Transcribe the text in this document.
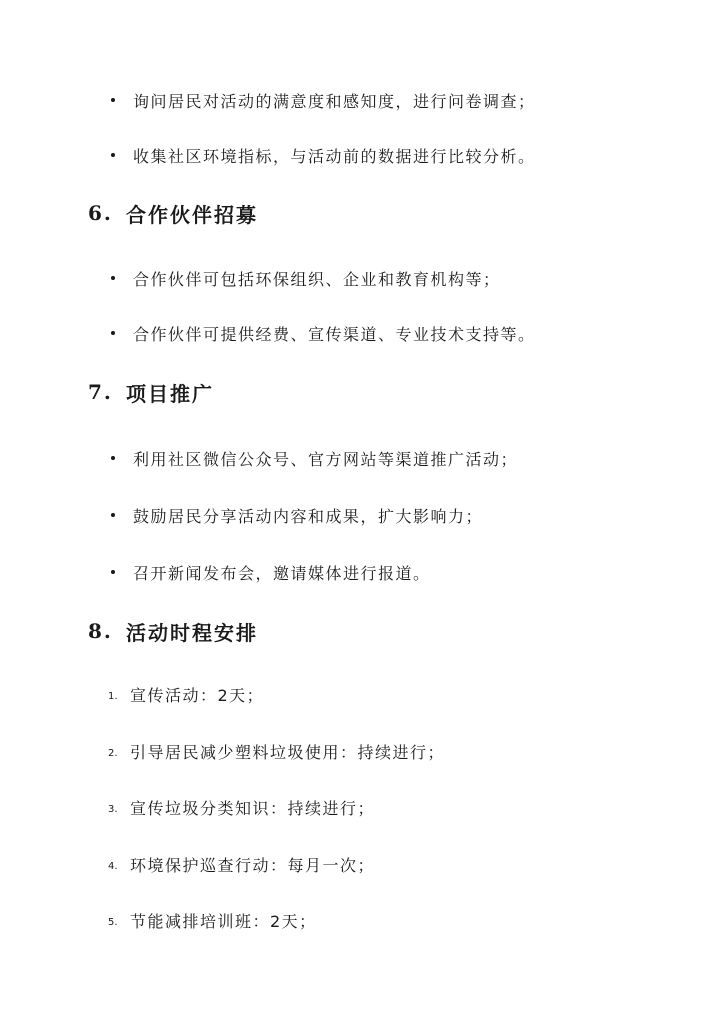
询问居民对活动的满意度和感知度，进行问卷调查；
收集社区环境指标，与活动前的数据进行比较分析。
6. 合作伙伴招募
合作伙伴可包括环保组织、企业和教育机构等；
合作伙伴可提供经费、宣传渠道、专业技术支持等。
7. 项目推广
利用社区微信公众号、官方网站等渠道推广活动；
鼓励居民分享活动内容和成果，扩大影响力；
召开新闻发布会，邀请媒体进行报道。
8. 活动时程安排
1. 宣传活动：2天；
2. 引导居民减少塑料垃圾使用：持续进行；
3. 宣传垃圾分类知识：持续进行；
4. 环境保护巡查行动：每月一次；
5. 节能减排培训班：2天；
